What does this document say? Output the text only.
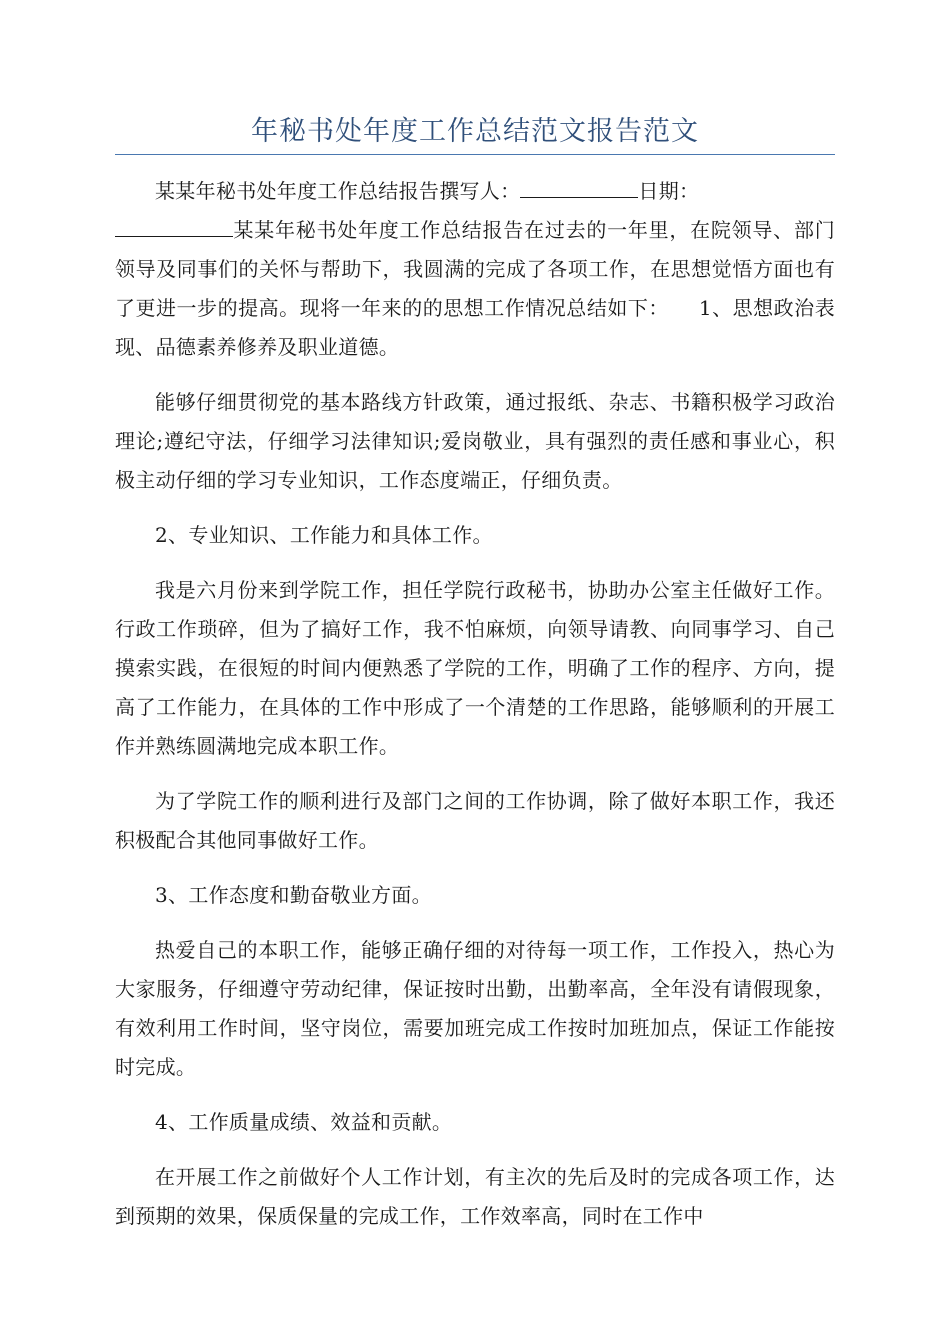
年秘书处年度工作总结范文报告范文

某某年秘书处年度工作总结报告撰写人：	日期：
某某年秘书处年度工作总结报告在过去的一年里，在院领导、部门领导及同事们的关怀与帮助下，我圆满的完成了各项工作，在思想觉悟方面也有了更进一步的提高。现将一年来的的思想工作情况总结如下： 1、思想政治表现、品德素养修养及职业道德。

能够仔细贯彻党的基本路线方针政策，通过报纸、杂志、书籍积极学习政治理论;遵纪守法，仔细学习法律知识;爱岗敬业，具有强烈的责任感和事业心，积极主动仔细的学习专业知识，工作态度端正，仔细负责。

2、专业知识、工作能力和具体工作。

我是六月份来到学院工作，担任学院行政秘书，协助办公室主任做好工作。行政工作琐碎，但为了搞好工作，我不怕麻烦，向领导请教、向同事学习、自己摸索实践，在很短的时间内便熟悉了学院的工作，明确了工作的程序、方向，提高了工作能力，在具体的工作中形成了一个清楚的工作思路，能够顺利的开展工作并熟练圆满地完成本职工作。

为了学院工作的顺利进行及部门之间的工作协调，除了做好本职工作，我还积极配合其他同事做好工作。

3、工作态度和勤奋敬业方面。

热爱自己的本职工作，能够正确仔细的对待每一项工作，工作投入，热心为大家服务，仔细遵守劳动纪律，保证按时出勤，出勤率高，全年没有请假现象，有效利用工作时间，坚守岗位，需要加班完成工作按时加班加点，保证工作能按时完成。

4、工作质量成绩、效益和贡献。

在开展工作之前做好个人工作计划，有主次的先后及时的完成各项工作，达到预期的效果，保质保量的完成工作，工作效率高，同时在工作中
